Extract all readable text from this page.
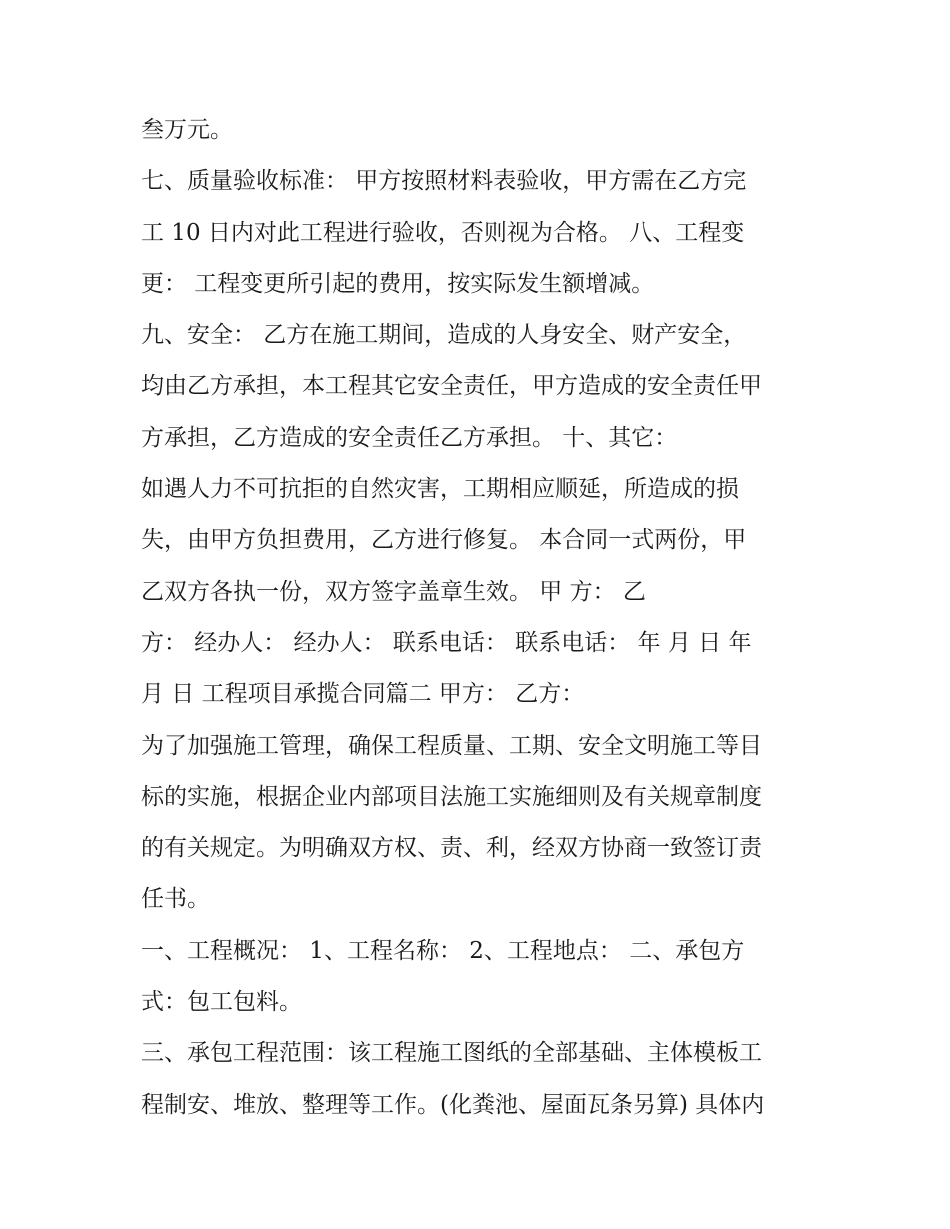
叁万元。
七、质量验收标准： 甲方按照材料表验收，甲方需在乙方完
工 10 日内对此工程进行验收，否则视为合格。 八、工程变
更： 工程变更所引起的费用，按实际发生额增减。
九、安全： 乙方在施工期间，造成的人身安全、财产安全，
均由乙方承担，本工程其它安全责任，甲方造成的安全责任甲
方承担，乙方造成的安全责任乙方承担。 十、其它：
如遇人力不可抗拒的自然灾害，工期相应顺延，所造成的损
失，由甲方负担费用，乙方进行修复。 本合同一式两份，甲
乙双方各执一份，双方签字盖章生效。 甲 方： 乙
方： 经办人： 经办人： 联系电话： 联系电话： 年 月 日 年
月 日 工程项目承揽合同篇二 甲方： 乙方：
为了加强施工管理，确保工程质量、工期、安全文明施工等目
标的实施，根据企业内部项目法施工实施细则及有关规章制度
的有关规定。为明确双方权、责、利，经双方协商一致签订责
任书。
一、工程概况： 1、工程名称： 2、工程地点： 二、承包方
式：包工包料。
三、承包工程范围：该工程施工图纸的全部基础、主体模板工
程制安、堆放、整理等工作。(化粪池、屋面瓦条另算) 具体内
